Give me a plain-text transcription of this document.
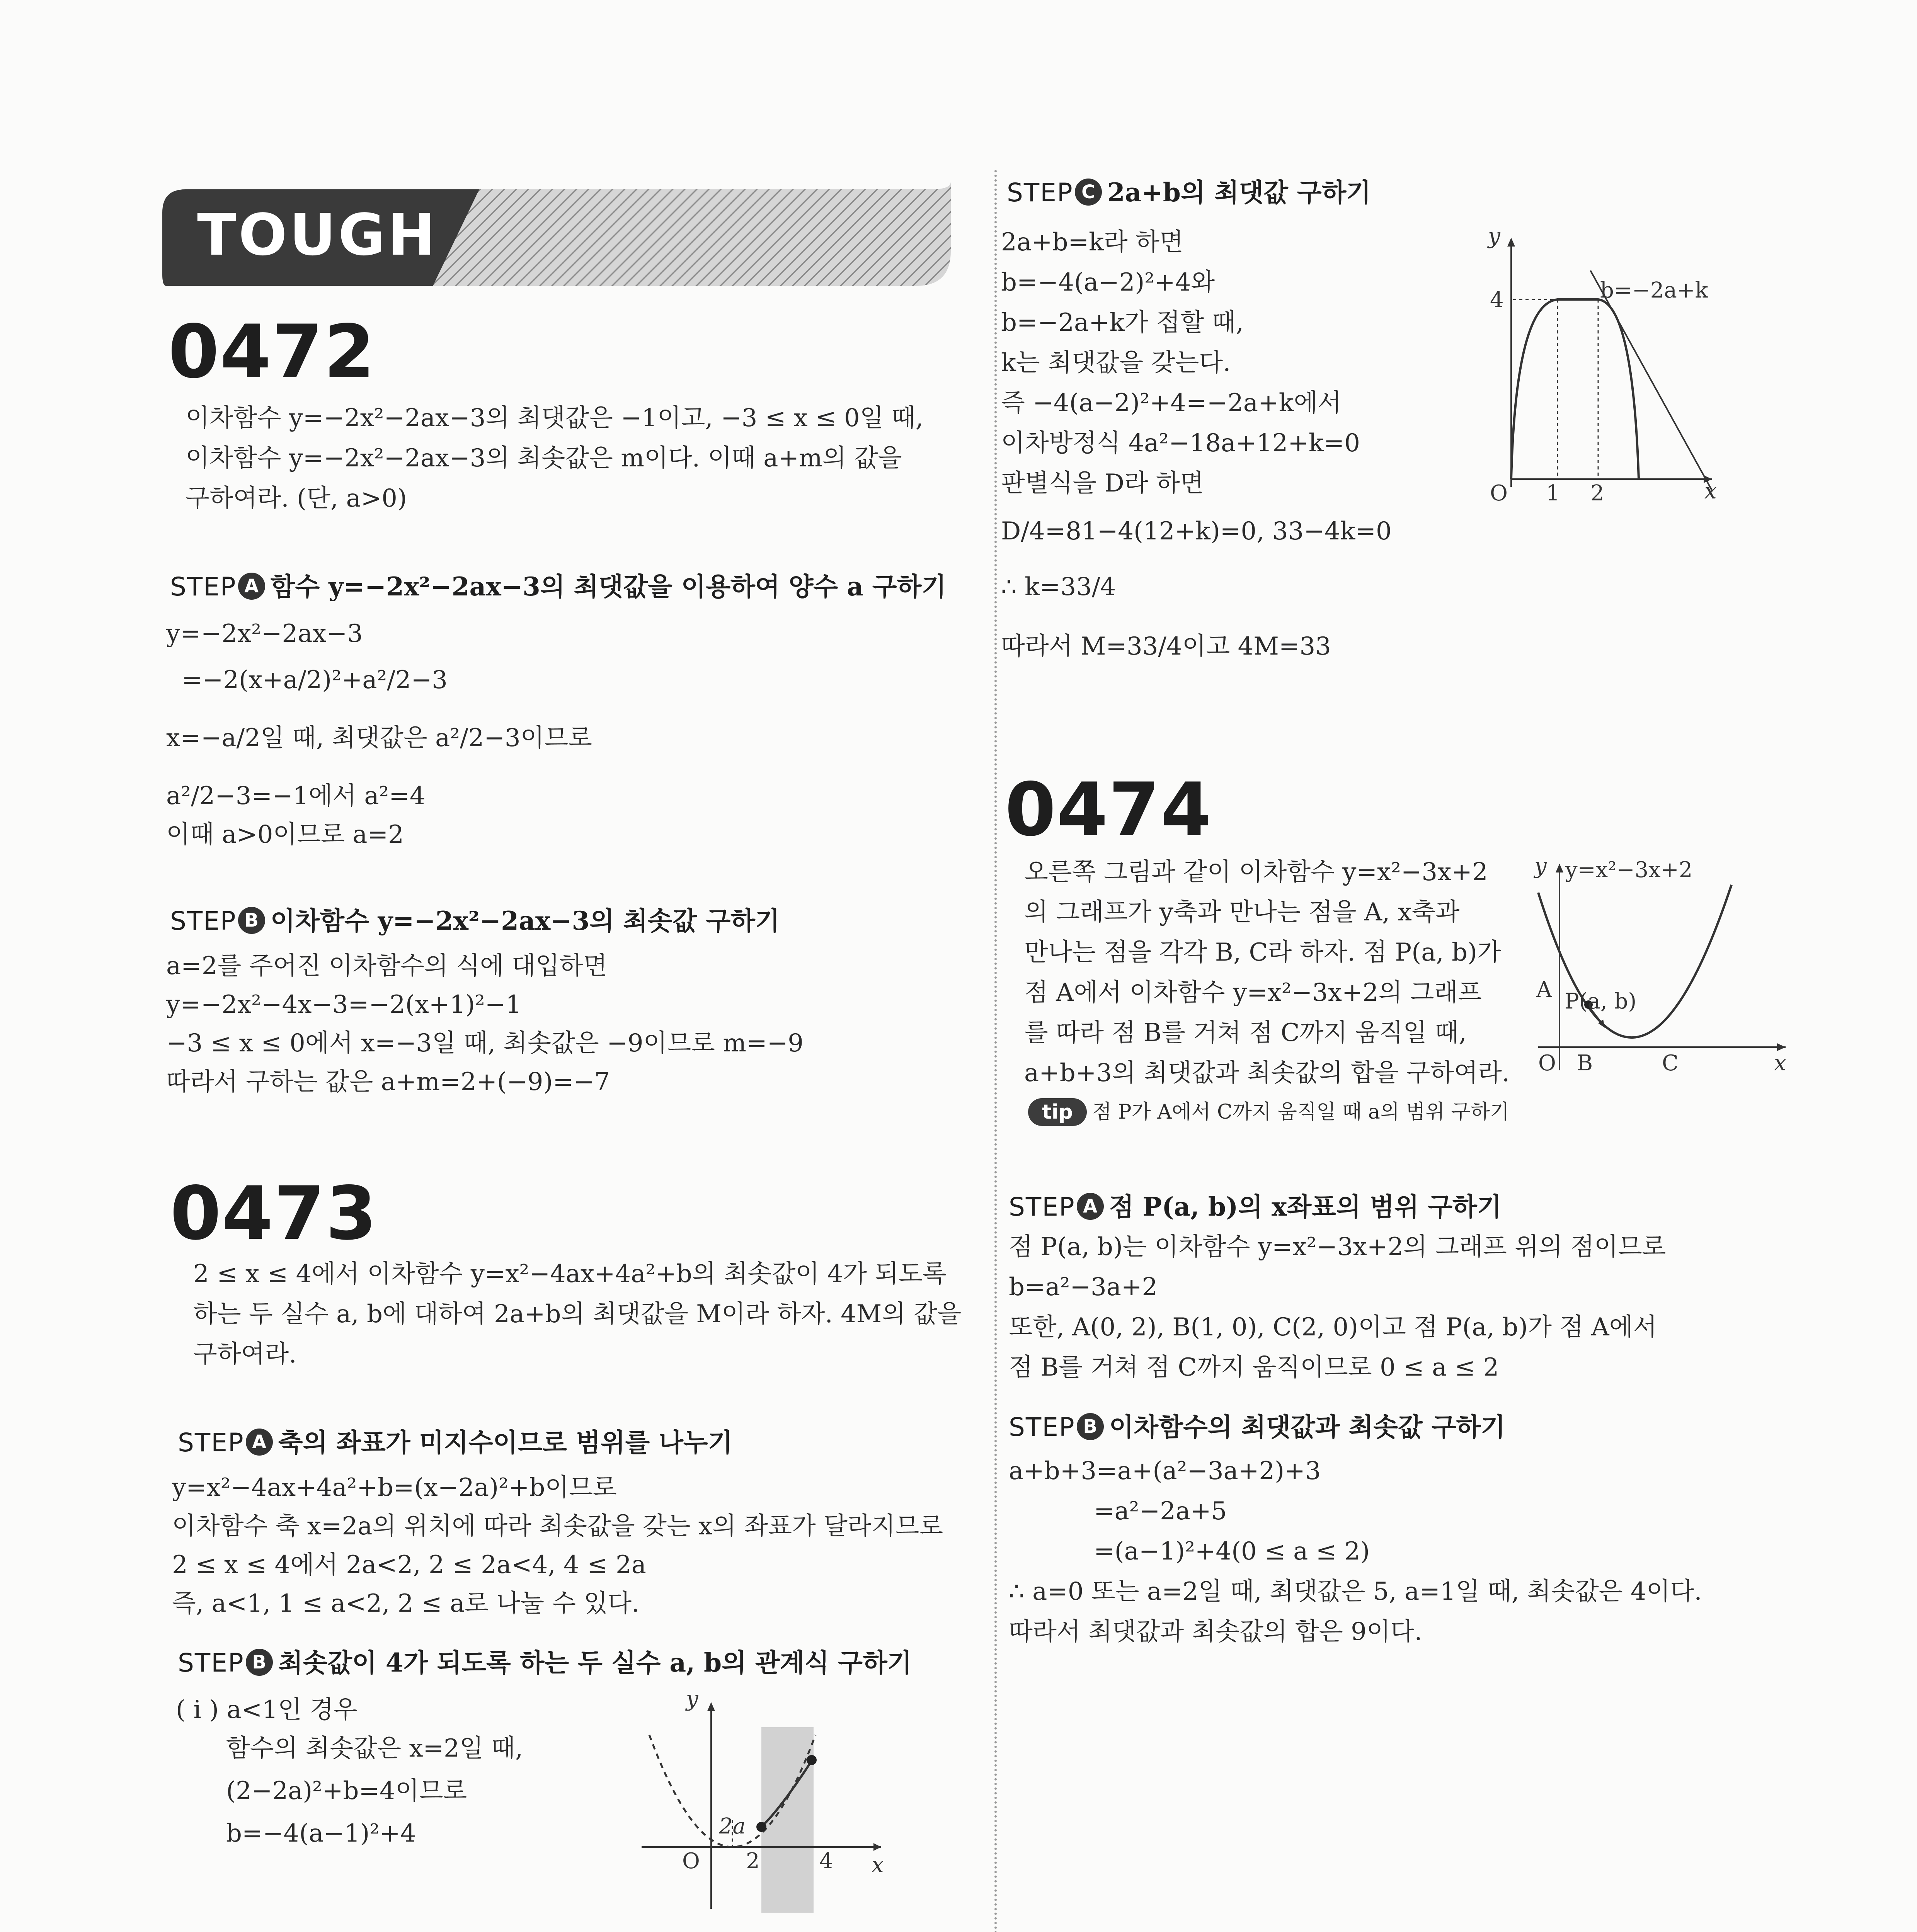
TOUGH
0472
이차함수 y=−2x²−2ax−3의 최댓값은 −1이고, −3 ≤ x ≤ 0일 때,
이차함수 y=−2x²−2ax−3의 최솟값은 m이다. 이때 a+m의 값을
구하여라. (단, a>0)
STEP A 함수 y=−2x²−2ax−3의 최댓값을 이용하여 양수 a 구하기
y=−2x²−2ax−3
=−2(x+a/2)²+a²/2−3
x=−a/2일 때, 최댓값은 a²/2−3이므로
a²/2−3=−1에서 a²=4
이때 a>0이므로 a=2
STEP B 이차함수 y=−2x²−2ax−3의 최솟값 구하기
a=2를 주어진 이차함수의 식에 대입하면
y=−2x²−4x−3=−2(x+1)²−1
−3 ≤ x ≤ 0에서 x=−3일 때, 최솟값은 −9이므로 m=−9
따라서 구하는 값은 a+m=2+(−9)=−7
0473
2 ≤ x ≤ 4에서 이차함수 y=x²−4ax+4a²+b의 최솟값이 4가 되도록
하는 두 실수 a, b에 대하여 2a+b의 최댓값을 M이라 하자. 4M의 값을
구하여라.
STEP A 축의 좌표가 미지수이므로 범위를 나누기
y=x²−4ax+4a²+b=(x−2a)²+b이므로
이차함수 축 x=2a의 위치에 따라 최솟값을 갖는 x의 좌표가 달라지므로
2 ≤ x ≤ 4에서 2a<2, 2 ≤ 2a<4, 4 ≤ 2a
즉, a<1, 1 ≤ a<2, 2 ≤ a로 나눌 수 있다.
STEP B 최솟값이 4가 되도록 하는 두 실수 a, b의 관계식 구하기
( i ) a<1인 경우
함수의 최솟값은 x=2일 때,
(2−2a)²+b=4이므로
b=−4(a−1)²+4
y
x
O 2	4
2a
STEP C 2a+b의 최댓값 구하기
2a+b=k라 하면
b=−4(a−2)²+4와
b=−2a+k가 접할 때,
k는 최댓값을 갖는다.
즉 −4(a−2)²+4=−2a+k에서
이차방정식 4a²−18a+12+k=0
판별식을 D라 하면
D/4=81−4(12+k)=0, 33−4k=0
∴ k=33/4
따라서 M=33/4이고 4M=33
y
x
O 1 2
4	b=−2a+k
0474
오른쪽 그림과 같이 이차함수 y=x²−3x+2
의 그래프가 y축과 만나는 점을 A, x축과
만나는 점을 각각 B, C라 하자. 점 P(a, b)가
점 A에서 이차함수 y=x²−3x+2의 그래프
를 따라 점 B를 거쳐 점 C까지 움직일 때,
a+b+3의 최댓값과 최솟값의 합을 구하여라.
tip 점 P가 A에서 C까지 움직일 때 a의 범위 구하기
y=x²−3x+2
y
x
O
A P(a, b)
B	C
STEP A 점 P(a, b)의 x좌표의 범위 구하기
점 P(a, b)는 이차함수 y=x²−3x+2의 그래프 위의 점이므로
b=a²−3a+2
또한, A(0, 2), B(1, 0), C(2, 0)이고 점 P(a, b)가 점 A에서
점 B를 거쳐 점 C까지 움직이므로 0 ≤ a ≤ 2
STEP B 이차함수의 최댓값과 최솟값 구하기
a+b+3=a+(a²−3a+2)+3
=a²−2a+5
=(a−1)²+4(0 ≤ a ≤ 2)
∴ a=0 또는 a=2일 때, 최댓값은 5, a=1일 때, 최솟값은 4이다.
따라서 최댓값과 최솟값의 합은 9이다.
